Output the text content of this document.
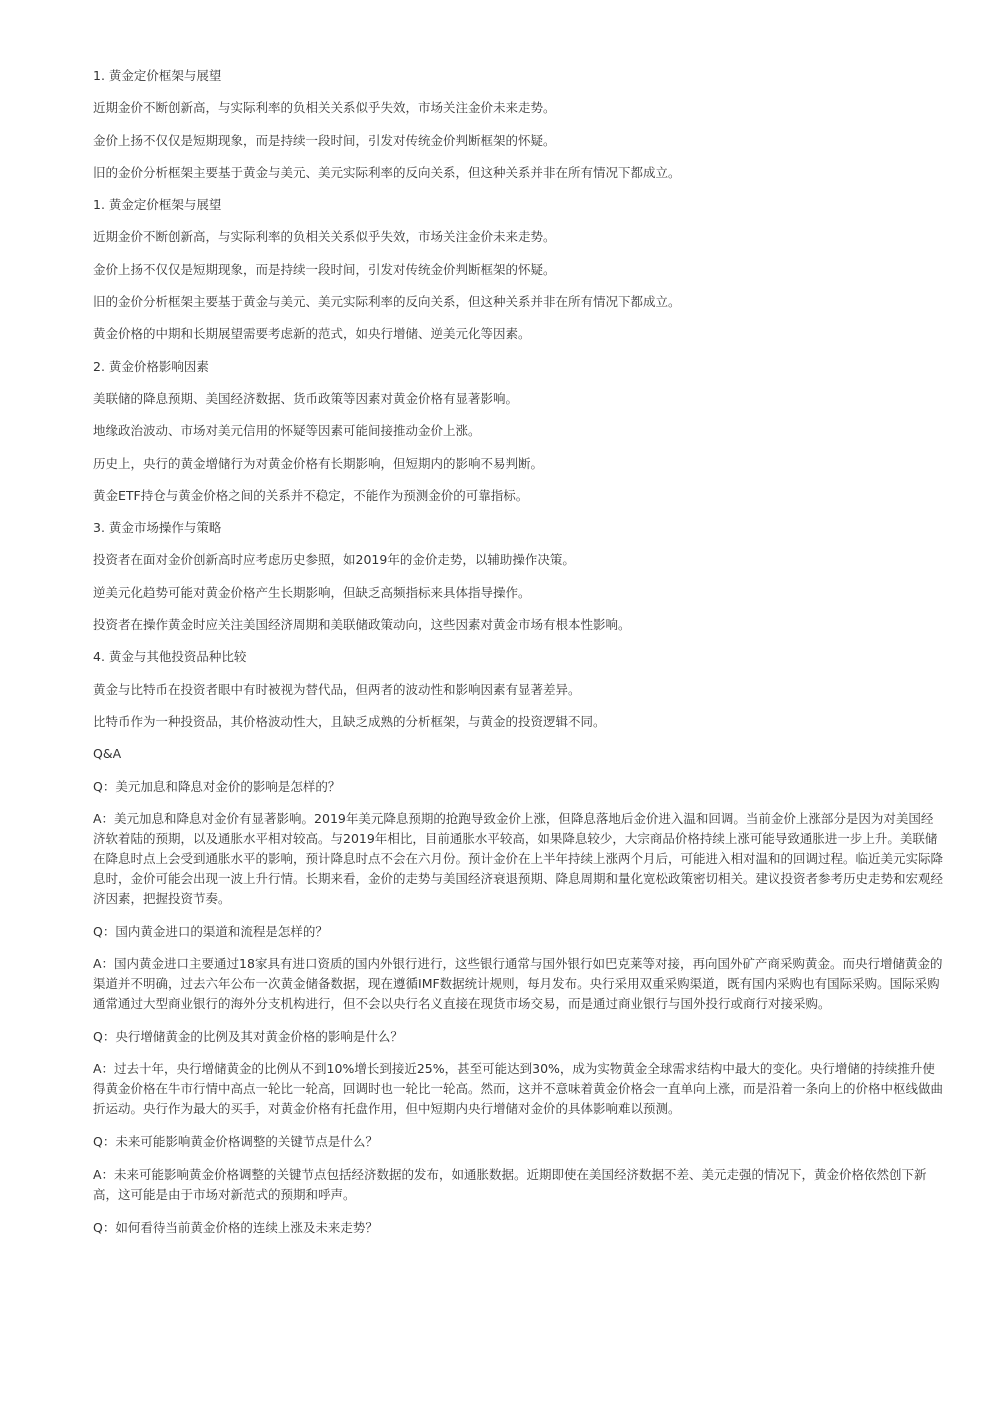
1. 黄金定价框架与展望

近期金价不断创新高，与实际利率的负相关关系似乎失效，市场关注金价未来走势。

金价上扬不仅仅是短期现象，而是持续一段时间，引发对传统金价判断框架的怀疑。

旧的金价分析框架主要基于黄金与美元、美元实际利率的反向关系，但这种关系并非在所有情况下都成立。

1. 黄金定价框架与展望

近期金价不断创新高，与实际利率的负相关关系似乎失效，市场关注金价未来走势。

金价上扬不仅仅是短期现象，而是持续一段时间，引发对传统金价判断框架的怀疑。

旧的金价分析框架主要基于黄金与美元、美元实际利率的反向关系，但这种关系并非在所有情况下都成立。

黄金价格的中期和长期展望需要考虑新的范式，如央行增储、逆美元化等因素。

2. 黄金价格影响因素

美联储的降息预期、美国经济数据、货币政策等因素对黄金价格有显著影响。

地缘政治波动、市场对美元信用的怀疑等因素可能间接推动金价上涨。

历史上，央行的黄金增储行为对黄金价格有长期影响，但短期内的影响不易判断。

黄金ETF持仓与黄金价格之间的关系并不稳定，不能作为预测金价的可靠指标。

3. 黄金市场操作与策略

投资者在面对金价创新高时应考虑历史参照，如2019年的金价走势，以辅助操作决策。

逆美元化趋势可能对黄金价格产生长期影响，但缺乏高频指标来具体指导操作。

投资者在操作黄金时应关注美国经济周期和美联储政策动向，这些因素对黄金市场有根本性影响。

4. 黄金与其他投资品种比较

黄金与比特币在投资者眼中有时被视为替代品，但两者的波动性和影响因素有显著差异。

比特币作为一种投资品，其价格波动性大，且缺乏成熟的分析框架，与黄金的投资逻辑不同。

Q&A

Q：美元加息和降息对金价的影响是怎样的？

A：美元加息和降息对金价有显著影响。2019年美元降息预期的抢跑导致金价上涨，但降息落地后金价进入温和回调。当前金价上涨部分是因为对美国经济软着陆的预期，以及通胀水平相对较高。与2019年相比，目前通胀水平较高，如果降息较少，大宗商品价格持续上涨可能导致通胀进一步上升。美联储在降息时点上会受到通胀水平的影响，预计降息时点不会在六月份。预计金价在上半年持续上涨两个月后，可能进入相对温和的回调过程。临近美元实际降息时，金价可能会出现一波上升行情。长期来看，金价的走势与美国经济衰退预期、降息周期和量化宽松政策密切相关。建议投资者参考历史走势和宏观经济因素，把握投资节奏。

Q：国内黄金进口的渠道和流程是怎样的？

A：国内黄金进口主要通过18家具有进口资质的国内外银行进行，这些银行通常与国外银行如巴克莱等对接，再向国外矿产商采购黄金。而央行增储黄金的渠道并不明确，过去六年公布一次黄金储备数据，现在遵循IMF数据统计规则，每月发布。央行采用双重采购渠道，既有国内采购也有国际采购。国际采购通常通过大型商业银行的海外分支机构进行，但不会以央行名义直接在现货市场交易，而是通过商业银行与国外投行或商行对接采购。

Q：央行增储黄金的比例及其对黄金价格的影响是什么？

A：过去十年，央行增储黄金的比例从不到10%增长到接近25%，甚至可能达到30%，成为实物黄金全球需求结构中最大的变化。央行增储的持续推升使得黄金价格在牛市行情中高点一轮比一轮高，回调时也一轮比一轮高。然而，这并不意味着黄金价格会一直单向上涨，而是沿着一条向上的价格中枢线做曲折运动。央行作为最大的买手，对黄金价格有托盘作用，但中短期内央行增储对金价的具体影响难以预测。

Q：未来可能影响黄金价格调整的关键节点是什么？

A：未来可能影响黄金价格调整的关键节点包括经济数据的发布，如通胀数据。近期即使在美国经济数据不差、美元走强的情况下，黄金价格依然创下新高，这可能是由于市场对新范式的预期和呼声。

Q：如何看待当前黄金价格的连续上涨及未来走势？
